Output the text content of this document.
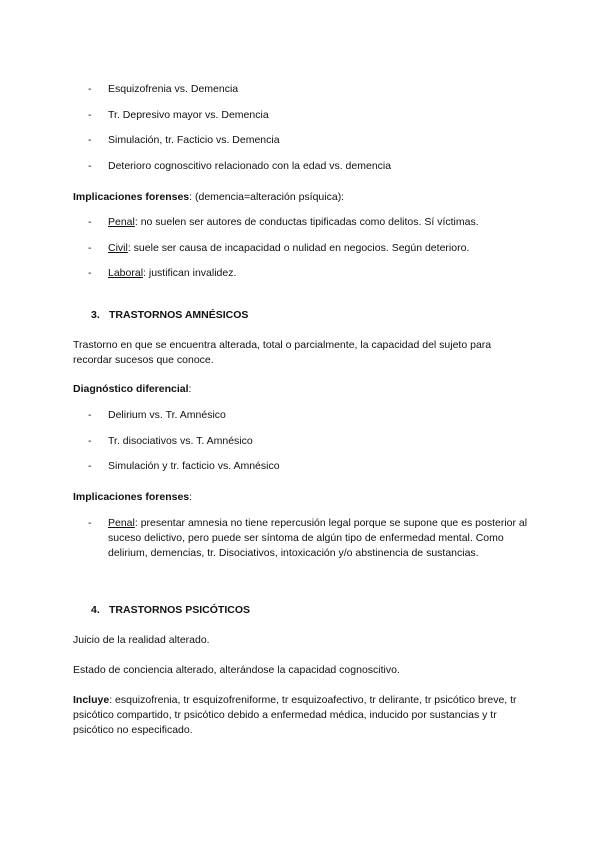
-	Esquizofrenia vs. Demencia
-	Tr. Depresivo mayor vs. Demencia
-	Simulación, tr. Facticio vs. Demencia
-	Deterioro cognoscitivo relacionado con la edad vs. demencia
Implicaciones forenses: (demencia=alteración psíquica):
-	Penal: no suelen ser autores de conductas tipificadas como delitos. Sí víctimas.
-	Civil: suele ser causa de incapacidad o nulidad en negocios. Según deterioro.
-	Laboral: justifican invalidez.
3. TRASTORNOS AMNÉSICOS
Trastorno en que se encuentra alterada, total o parcialmente, la capacidad del sujeto para recordar sucesos que conoce.
Diagnóstico diferencial:
-	Delirium vs. Tr. Amnésico
-	Tr. disociativos vs. T. Amnésico
-	Simulación y tr. facticio vs. Amnésico
Implicaciones forenses:
-	Penal: presentar amnesia no tiene repercusión legal porque se supone que es posterior al suceso delictivo, pero puede ser síntoma de algún tipo de enfermedad mental. Como delirium, demencias, tr. Disociativos, intoxicación y/o abstinencia de sustancias.
4. TRASTORNOS PSICÓTICOS
Juicio de la realidad alterado.
Estado de conciencia alterado, alterándose la capacidad cognoscitivo.
Incluye: esquizofrenia, tr esquizofreniforme, tr esquizoafectivo, tr delirante, tr psicótico breve, tr psicótico compartido, tr psicótico debido a enfermedad médica, inducido por sustancias y tr psicótico no especificado.
